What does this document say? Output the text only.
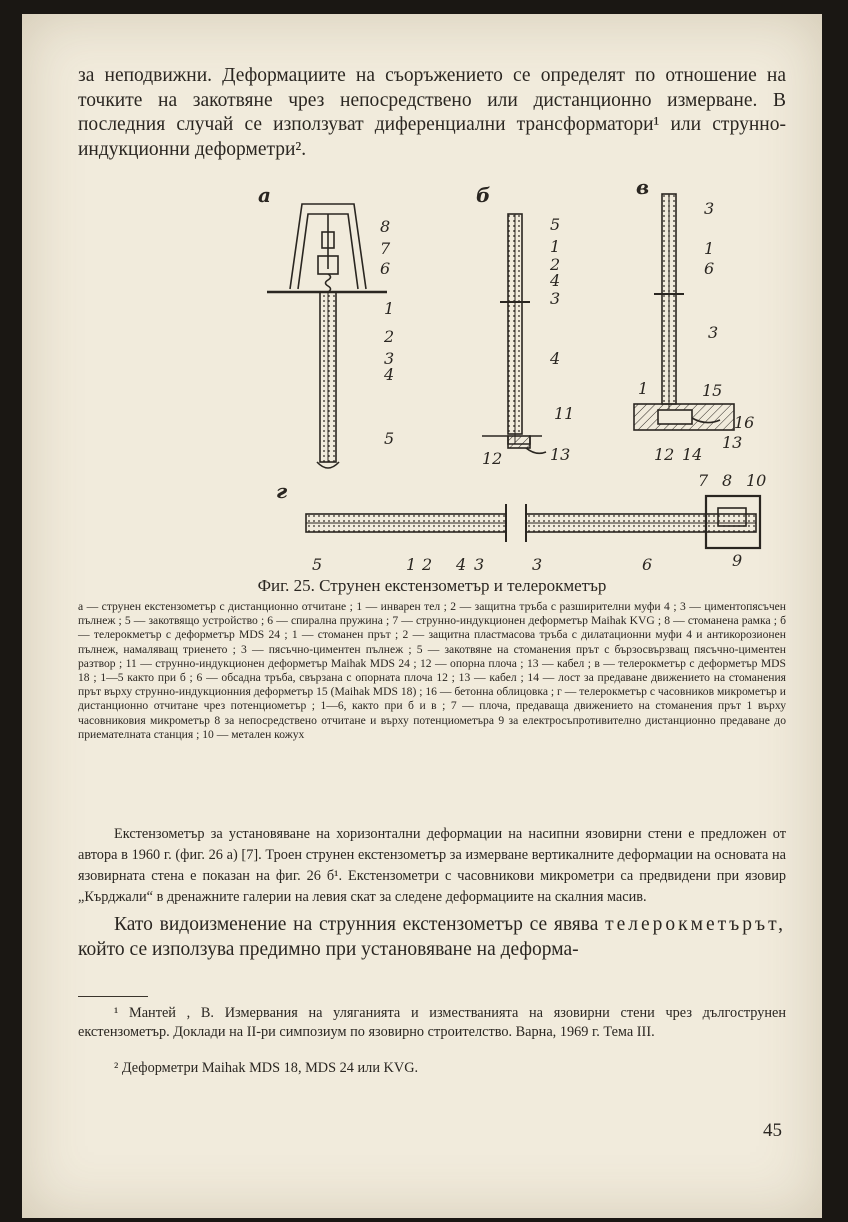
за неподвижни. Деформациите на съоръжението се определят по отношение на точките на закотвяне чрез непосредствено или дистанционно измерване. В последния случай се използуват диференциални трансформатори¹ или струнно-индукционни деформетри².

а	б	в
г
8
7
6
1
2
3
4
5
5
1
2
4
3
4
11
12	13
3
1
6
3
1	15
16
13
12 14
7 8 10
5	1 2 4 3	3	6	9

Фиг. 25. Струнен екстензометър и телерокметър

а — струнен екстензометър с дистанционно отчитане ; 1 — инварен тел ; 2 — защитна тръба с разширителни муфи 4 ; 3 — циментопясъчен пълнеж ; 5 — закотвящо устройство ; 6 — спирална пружина ; 7 — струнно-индукционен деформетър Maihak KVG ; 8 — стоманена рамка ; б — телерокметър с деформетър MDS 24 ; 1 — стоманен прът ; 2 — защитна пластмасова тръба с дилатационни муфи 4 и антикорозионен пълнеж, намаляващ триенето ; 3 — пясъчно-циментен пълнеж ; 5 — закотвяне на стоманения прът с бързосвързващ пясъчно-циментен разтвор ; 11 — струнно-индукционен деформетър Maihak MDS 24 ; 12 — опорна плоча ; 13 — кабел ; в — телерокметър с деформетър MDS 18 ; 1—5 както при б ; 6 — обсадна тръба, свързана с опорната плоча 12 ; 13 — кабел ; 14 — лост за предаване движението на стоманения прът върху струнно-индукционния деформетър 15 (Maihak MDS 18) ; 16 — бетонна облицовка ; г — телерокметър с часовников микрометър и дистанционно отчитане чрез потенциометър ; 1—6, както при б и в ; 7 — плоча, предаваща движението на стоманения прът 1 върху часовниковия микрометър 8 за непосредствено отчитане и върху потенциометъра 9 за електросъпротивително дистанционно предаване до приемателната станция ; 10 — метален кожух

Екстензометър за установяване на хоризонтални деформации на насипни язовирни стени е предложен от автора в 1960 г. (фиг. 26 а) [7]. Троен струнен екстензометър за измерване вертикалните деформации на основата на язовирната стена е показан на фиг. 26 б¹. Екстензометри с часовникови микрометри са предвидени при язовир „Кърджали“ в дренажните галерии на левия скат за следене деформациите на скалния масив.

Като видоизменение на струнния екстензометър се явява телерокметърът, който се използува предимно при установяване на деформа-

¹ Мантей , В. Измервания на уляганията и изместванията на язовирни стени чрез дългострунен екстензометър. Доклади на II-ри симпозиум по язовирно строителство. Варна, 1969 г. Тема III.

² Деформетри Maihak MDS 18, MDS 24 или KVG.

45
